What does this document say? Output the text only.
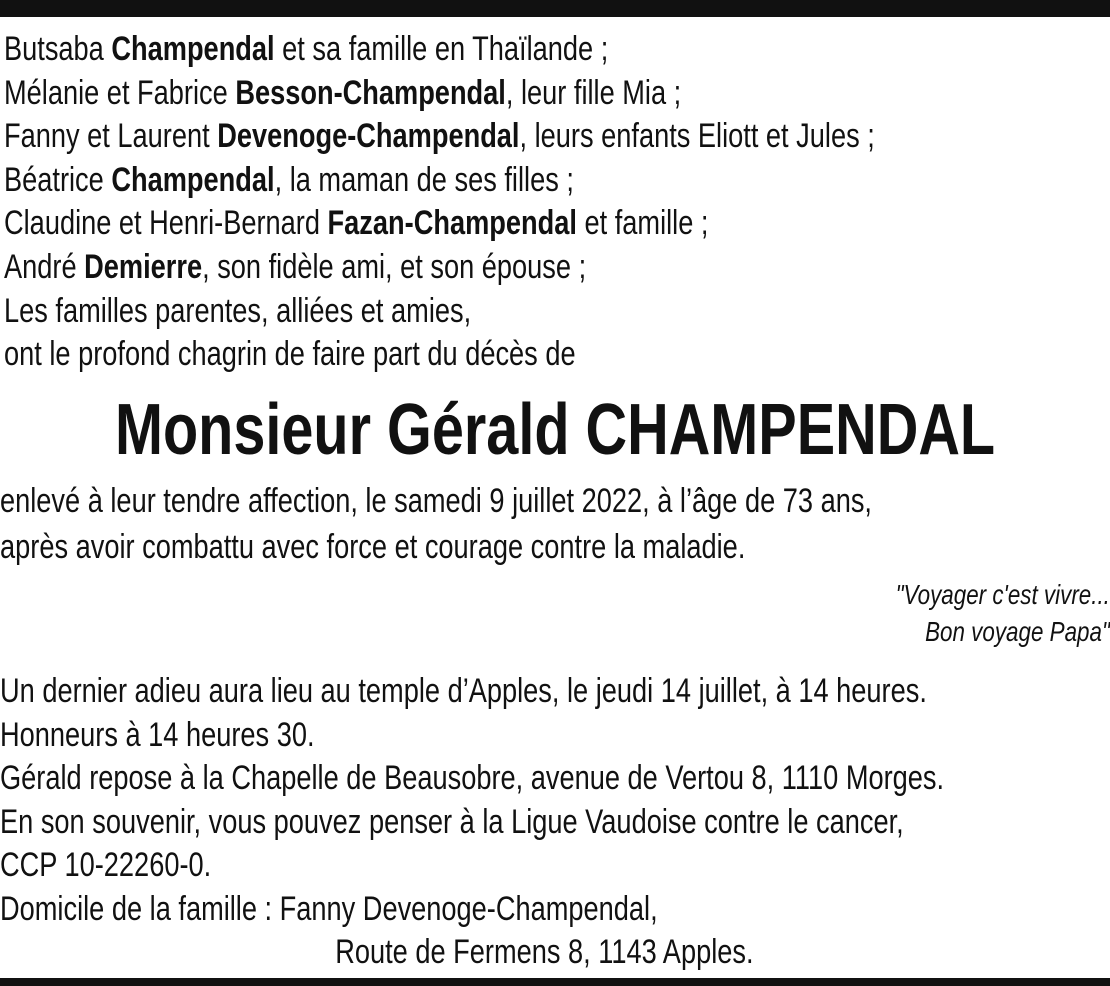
Butsaba Champendal et sa famille en Thaïlande ;
Mélanie et Fabrice Besson-Champendal, leur fille Mia ;
Fanny et Laurent Devenoge-Champendal, leurs enfants Eliott et Jules ;
Béatrice Champendal, la maman de ses filles ;
Claudine et Henri-Bernard Fazan-Champendal et famille ;
André Demierre, son fidèle ami, et son épouse ;
Les familles parentes, alliées et amies,
ont le profond chagrin de faire part du décès de
Monsieur Gérald CHAMPENDAL
enlevé à leur tendre affection, le samedi 9 juillet 2022, à l’âge de 73 ans,
après avoir combattu avec force et courage contre la maladie.
"Voyager c'est vivre...
Bon voyage Papa"
Un dernier adieu aura lieu au temple d’Apples, le jeudi 14 juillet, à 14 heures.
Honneurs à 14 heures 30.
Gérald repose à la Chapelle de Beausobre, avenue de Vertou 8, 1110 Morges.
En son souvenir, vous pouvez penser à la Ligue Vaudoise contre le cancer,
CCP 10-22260-0.
Domicile de la famille : Fanny Devenoge-Champendal,
Route de Fermens 8, 1143 Apples.
